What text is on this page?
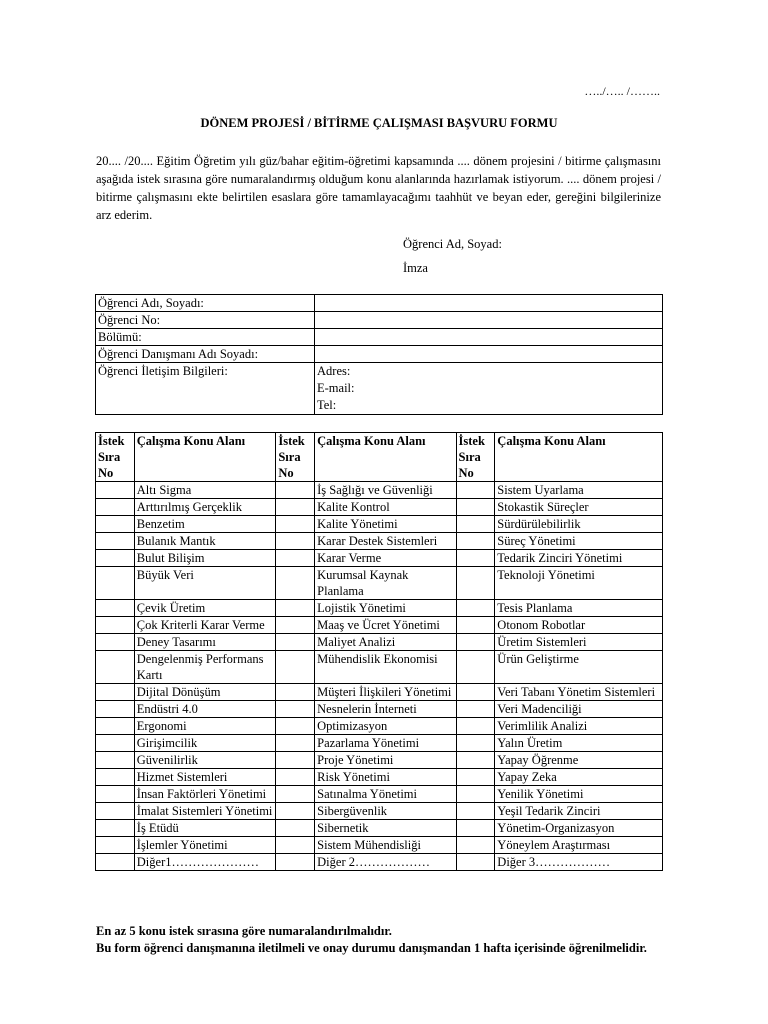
…../….. /……..
DÖNEM PROJESİ / BİTİRME ÇALIŞMASI BAŞVURU FORMU
20.... /20.... Eğitim Öğretim yılı güz/bahar eğitim-öğretimi kapsamında .... dönem projesini / bitirme çalışmasını aşağıda istek sırasına göre numaralandırmış olduğum konu alanlarında hazırlamak istiyorum. .... dönem projesi / bitirme çalışmasını ekte belirtilen esaslara göre tamamlayacağımı taahhüt ve beyan eder, gereğini bilgilerinize arz ederim.
Öğrenci Ad, Soyad:
İmza
Öğrenci Adı, Soyadı:	
Öğrenci No:	
Bölümü:	
Öğrenci Danışmanı Adı Soyadı:	
Öğrenci İletişim Bilgileri:	Adres:
E-mail:
Tel:
İstek Sıra No	Çalışma Konu Alanı	İstek Sıra No	Çalışma Konu Alanı	İstek Sıra No	Çalışma Konu Alanı
	Altı Sigma		İş Sağlığı ve Güvenliği		Sistem Uyarlama
	Arttırılmış Gerçeklik		Kalite Kontrol		Stokastik Süreçler
	Benzetim		Kalite Yönetimi		Sürdürülebilirlik
	Bulanık Mantık		Karar Destek Sistemleri		Süreç Yönetimi
	Bulut Bilişim		Karar Verme		Tedarik Zinciri Yönetimi
	Büyük Veri		Kurumsal Kaynak Planlama		Teknoloji Yönetimi
	Çevik Üretim		Lojistik Yönetimi		Tesis Planlama
	Çok Kriterli Karar Verme		Maaş ve Ücret Yönetimi		Otonom Robotlar
	Deney Tasarımı		Maliyet Analizi		Üretim Sistemleri
	Dengelenmiş Performans Kartı		Mühendislik Ekonomisi		Ürün Geliştirme
	Dijital Dönüşüm		Müşteri İlişkileri Yönetimi		Veri Tabanı Yönetim Sistemleri
	Endüstri 4.0		Nesnelerin İnterneti		Veri Madenciliği
	Ergonomi		Optimizasyon		Verimlilik Analizi
	Girişimcilik		Pazarlama Yönetimi		Yalın Üretim
	Güvenilirlik		Proje Yönetimi		Yapay Öğrenme
	Hizmet Sistemleri		Risk Yönetimi		Yapay Zeka
	İnsan Faktörleri Yönetimi		Satınalma Yönetimi		Yenilik Yönetimi
	İmalat Sistemleri Yönetimi		Sibergüvenlik		Yeşil Tedarik Zinciri
	İş Etüdü		Sibernetik		Yönetim-Organizasyon
	İşlemler Yönetimi		Sistem Mühendisliği		Yöneylem Araştırması
	Diğer1…………………		Diğer 2………………		Diğer 3………………
En az 5 konu istek sırasına göre numaralandırılmalıdır.
Bu form öğrenci danışmanına iletilmeli ve onay durumu danışmandan 1 hafta içerisinde öğrenilmelidir.
